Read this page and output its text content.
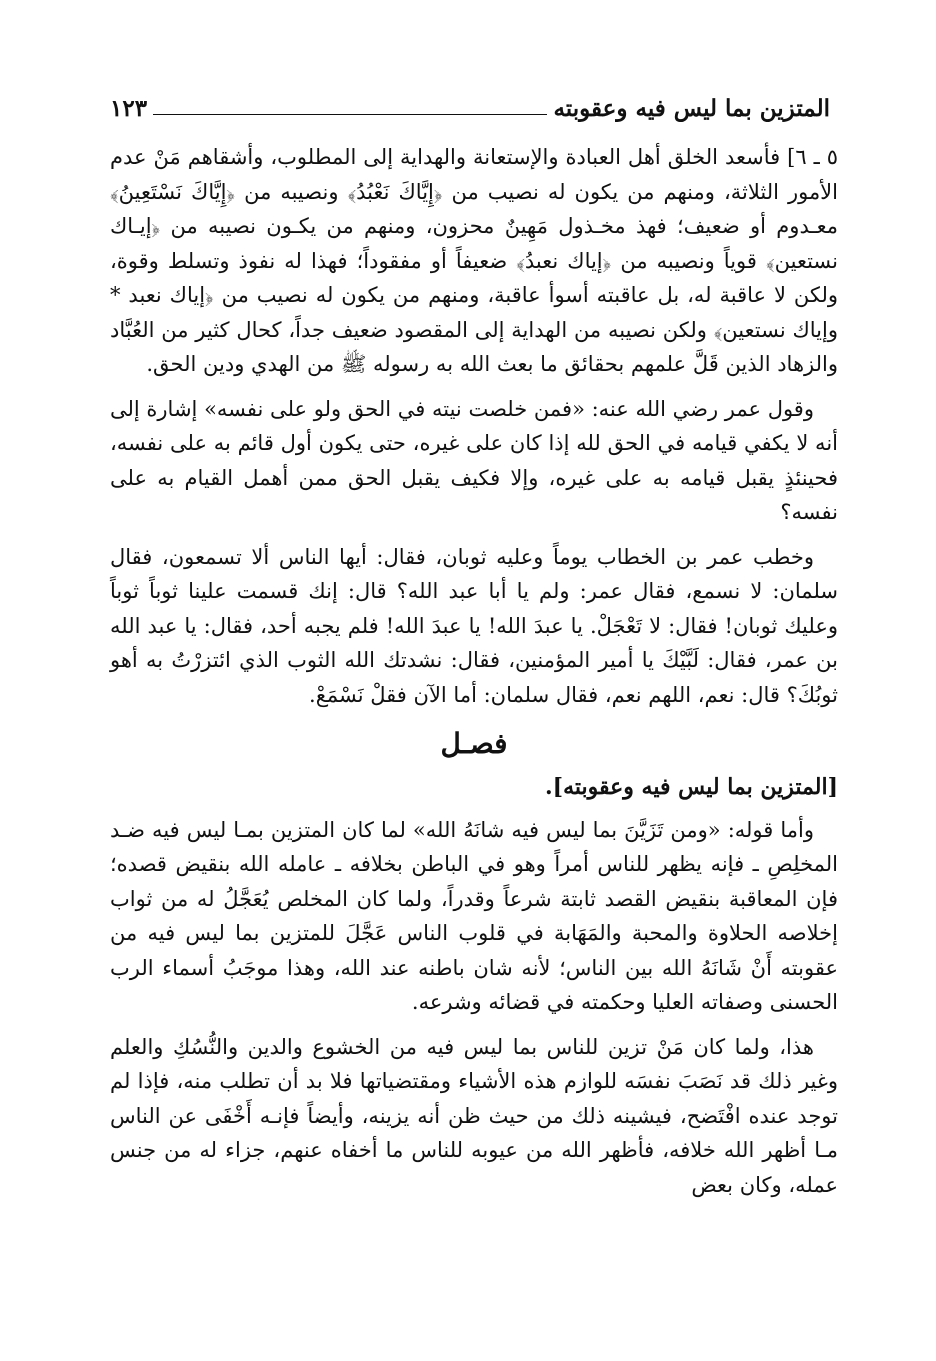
المتزين بما ليس فيه وعقوبته
١٢٣

٥ ـ ٦] فأسعد الخلق أهل العبادة والإستعانة والهداية إلى المطلوب، وأشقاهم مَنْ عدم الأمور الثلاثة، ومنهم من يكون له نصيب من ﴿إِيَّاكَ نَعْبُدُ﴾ ونصيبه من ﴿إِيَّاكَ نَسْتَعِينُ﴾ معـدوم أو ضعيف؛ فهذ مخـذول مَهِينٌ محزون، ومنهم من يكـون نصيبه من ﴿إيـاك نستعين﴾ قوياً ونصيبه من ﴿إياك نعبدُ﴾ ضعيفاً أو مفقوداً؛ فهذا له نفوذ وتسلط وقوة، ولكن لا عاقبة له، بل عاقبته أسوأ عاقبة، ومنهم من يكون له نصيب من ﴿إياك نعبد * وإياك نستعين﴾ ولكن نصيبه من الهداية إلى المقصود ضعيف جداً، كحال كثير من العُبَّاد والزهاد الذين قَلَّ علمهم بحقائق ما بعث الله به رسوله ﷺ من الهدي ودين الحق.

وقول عمر رضي الله عنه: «فمن خلصت نيته في الحق ولو على نفسه» إشارة إلى أنه لا يكفي قيامه في الحق لله إذا كان على غيره، حتى يكون أول قائم به على نفسه، فحينئذٍ يقبل قيامه به على غيره، وإلا فكيف يقبل الحق ممن أهمل القيام به على نفسه؟

وخطب عمر بن الخطاب يوماً وعليه ثوبان، فقال: أيها الناس ألا تسمعون، فقال سلمان: لا نسمع، فقال عمر: ولم يا أبا عبد الله؟ قال: إنك قسمت علينا ثوباً ثوباً وعليك ثوبان! فقال: لا تَعْجَلْ. يا عبدَ الله! يا عبدَ الله! فلم يجبه أحد، فقال: يا عبد الله بن عمر، فقال: لَبَّيْكَ يا أمير المؤمنين، فقال: نشدتك الله الثوب الذي ائتزرْتُ به أهو ثوبُكَ؟ قال: نعم، اللهم نعم، فقال سلمان: أما الآن فقلْ نَسْمَعْ.

فصـل
[المتزين بما ليس فيه وعقوبته].

وأما قوله: «ومن تَزَيَّنَ بما ليس فيه شانَهُ الله» لما كان المتزين بمـا ليس فيه ضـد المخلِصِ ـ فإنه يظهر للناس أمراً وهو في الباطن بخلافه ـ عامله الله بنقيض قصده؛ فإن المعاقبة بنقيض القصد ثابتة شرعاً وقدراً، ولما كان المخلص يُعَجَّلُ له من ثواب إخلاصه الحلاوة والمحبة والمَهَابة في قلوب الناس عَجَّلَ للمتزين بما ليس فيه من عقوبته أَنْ شَانَهُ الله بين الناس؛ لأنه شان باطنه عند الله، وهذا موجَبُ أسماء الرب الحسنى وصفاته العليا وحكمته في قضائه وشرعه.

هذا، ولما كان مَنْ تزين للناس بما ليس فيه من الخشوع والدين والنُّسُكِ والعلم وغير ذلك قد نَصَبَ نفسَه للوازم هذه الأشياء ومقتضياتها فلا بد أن تطلب منه، فإذا لم توجد عنده افْتَضح، فيشينه ذلك من حيث ظن أنه يزينه، وأيضاً فإنـه أَخْفَى عن الناس مـا أظهر الله خلافه، فأظهر الله من عيوبه للناس ما أخفاه عنهم، جزاء له من جنس عمله، وكان بعض
